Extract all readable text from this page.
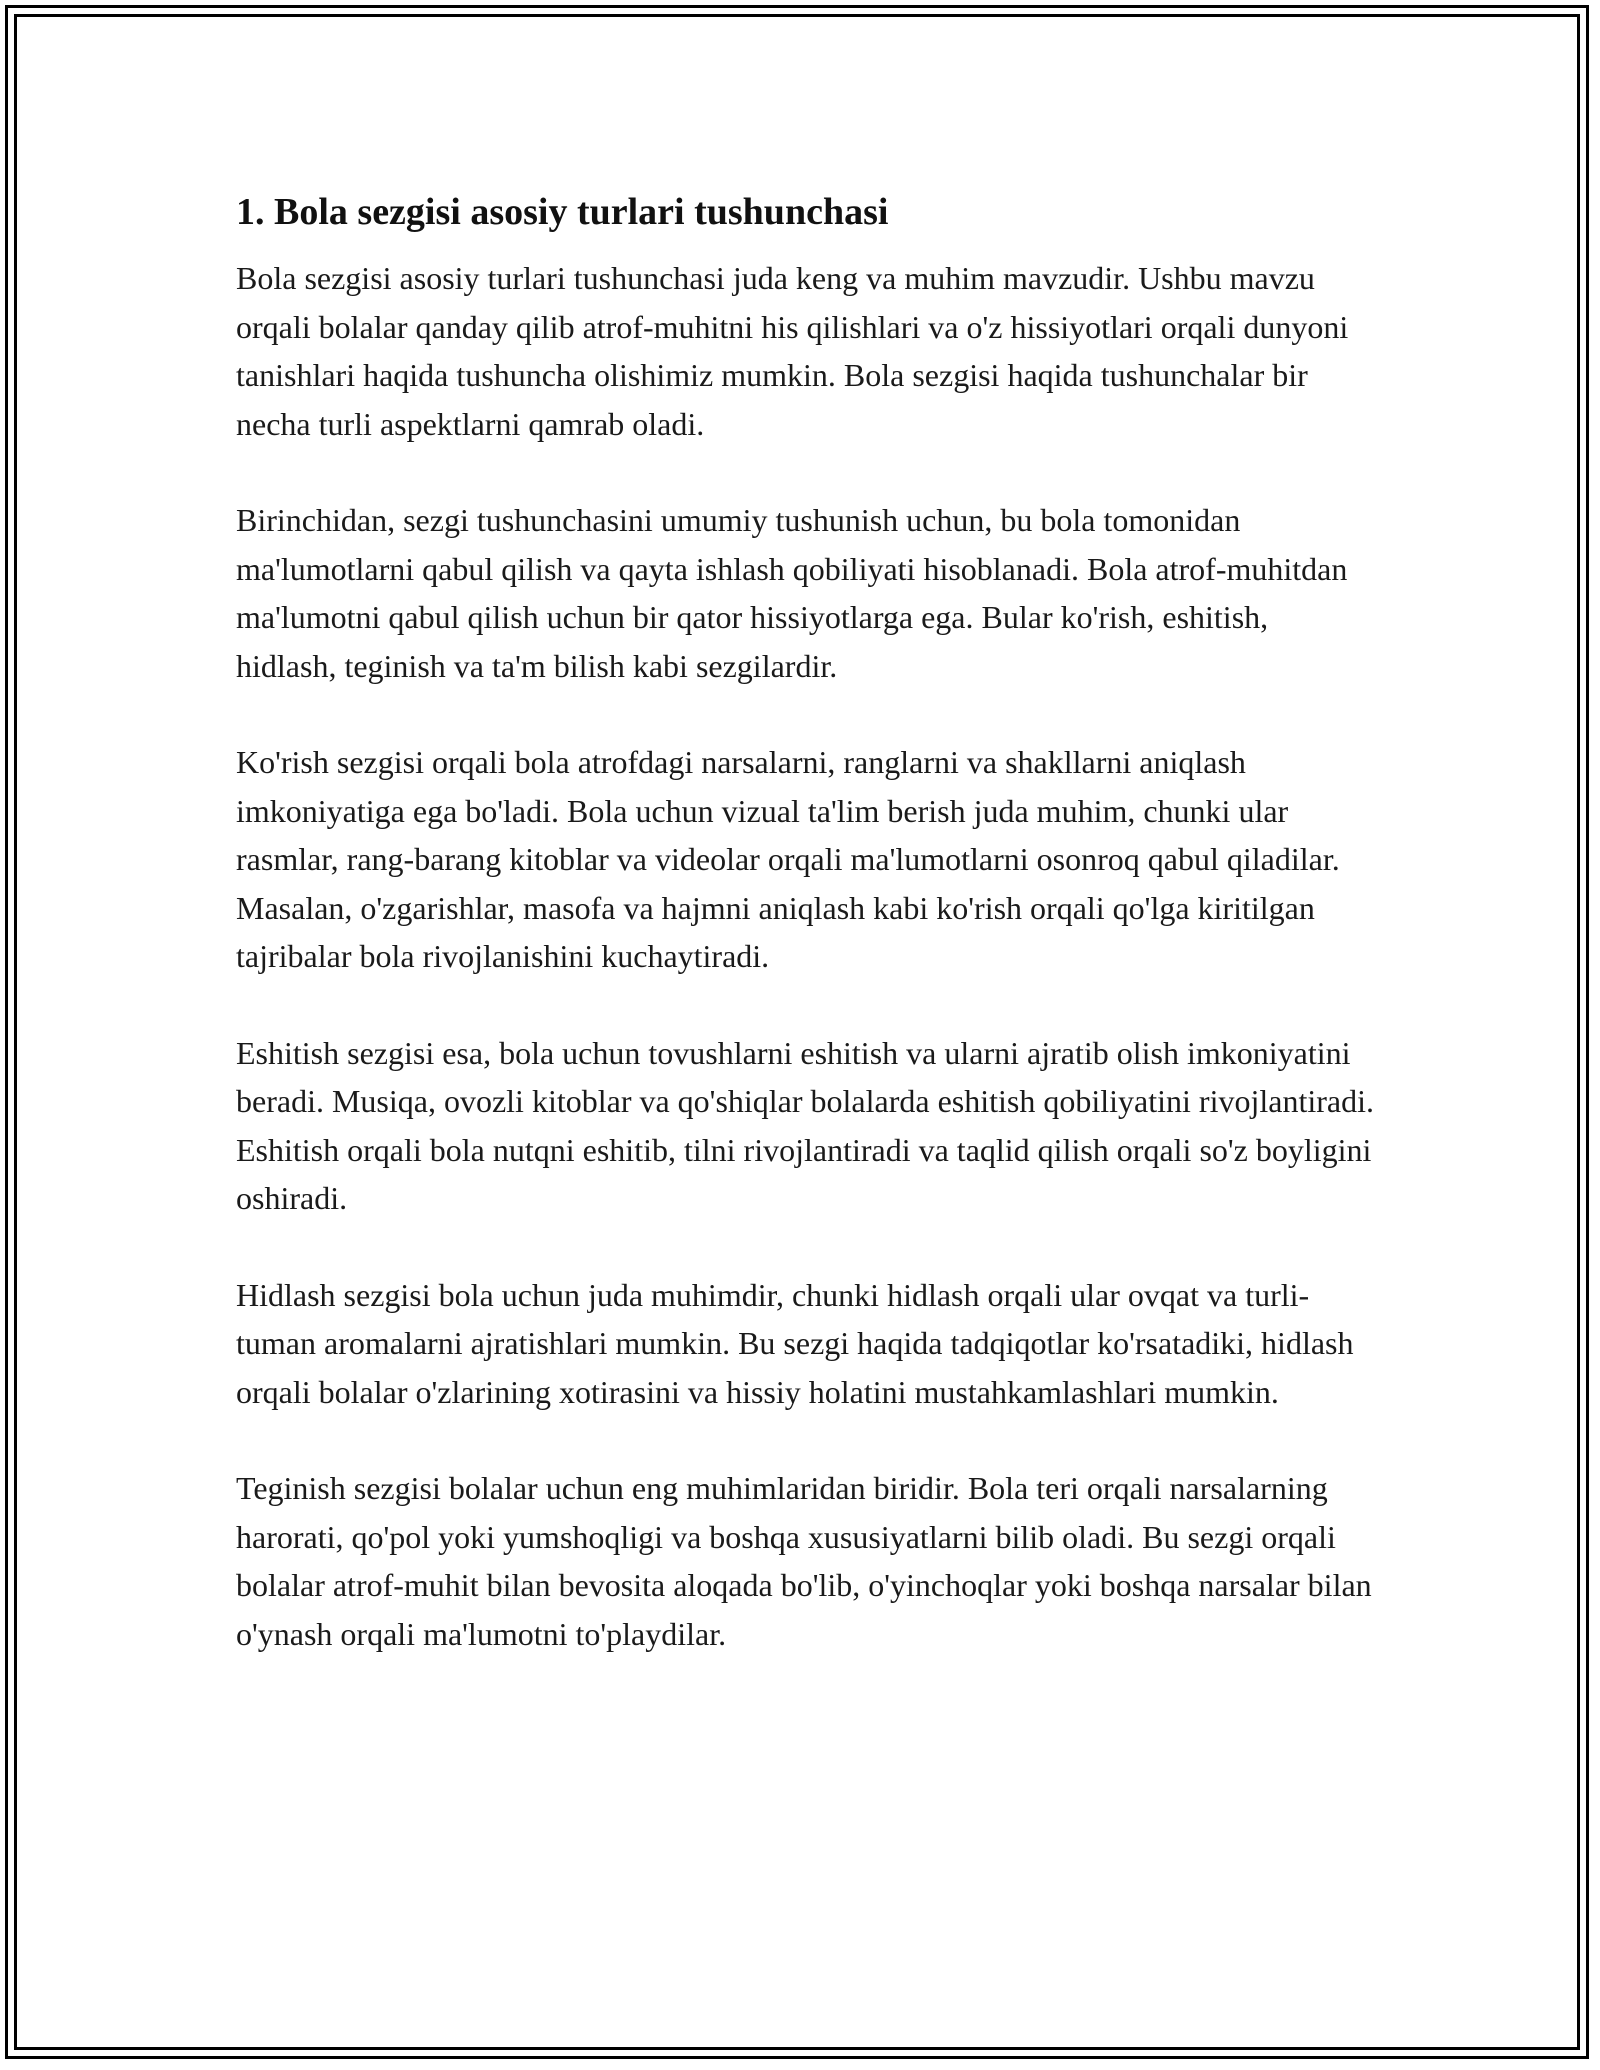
1. Bola sezgisi asosiy turlari tushunchasi

Bola sezgisi asosiy turlari tushunchasi juda keng va muhim mavzudir. Ushbu mavzu orqali bolalar qanday qilib atrof-muhitni his qilishlari va o'z hissiyotlari orqali dunyoni tanishlari haqida tushuncha olishimiz mumkin. Bola sezgisi haqida tushunchalar bir necha turli aspektlarni qamrab oladi.

Birinchidan, sezgi tushunchasini umumiy tushunish uchun, bu bola tomonidan ma'lumotlarni qabul qilish va qayta ishlash qobiliyati hisoblanadi. Bola atrof-muhitdan ma'lumotni qabul qilish uchun bir qator hissiyotlarga ega. Bular ko'rish, eshitish, hidlash, teginish va ta'm bilish kabi sezgilardir.

Ko'rish sezgisi orqali bola atrofdagi narsalarni, ranglarni va shakllarni aniqlash imkoniyatiga ega bo'ladi. Bola uchun vizual ta'lim berish juda muhim, chunki ular rasmlar, rang-barang kitoblar va videolar orqali ma'lumotlarni osonroq qabul qiladilar. Masalan, o'zgarishlar, masofa va hajmni aniqlash kabi ko'rish orqali qo'lga kiritilgan tajribalar bola rivojlanishini kuchaytiradi.

Eshitish sezgisi esa, bola uchun tovushlarni eshitish va ularni ajratib olish imkoniyatini beradi. Musiqa, ovozli kitoblar va qo'shiqlar bolalarda eshitish qobiliyatini rivojlantiradi. Eshitish orqali bola nutqni eshitib, tilni rivojlantiradi va taqlid qilish orqali so'z boyligini oshiradi.

Hidlash sezgisi bola uchun juda muhimdir, chunki hidlash orqali ular ovqat va turli-tuman aromalarni ajratishlari mumkin. Bu sezgi haqida tadqiqotlar ko'rsatadiki, hidlash orqali bolalar o'zlarining xotirasini va hissiy holatini mustahkamlashlari mumkin.

Teginish sezgisi bolalar uchun eng muhimlaridan biridir. Bola teri orqali narsalarning harorati, qo'pol yoki yumshoqligi va boshqa xususiyatlarni bilib oladi. Bu sezgi orqali bolalar atrof-muhit bilan bevosita aloqada bo'lib, o'yinchoqlar yoki boshqa narsalar bilan o'ynash orqali ma'lumotni to'playdilar.
